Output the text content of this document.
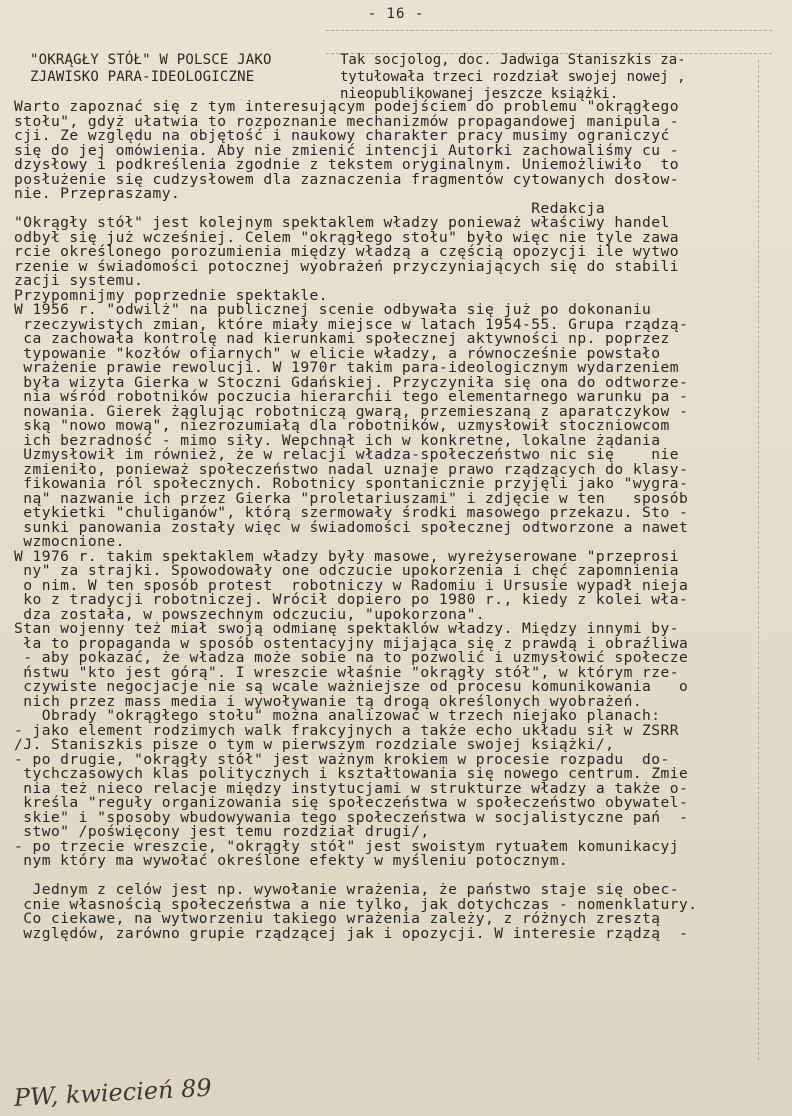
- 16 -
"OKRĄGŁY STÓŁ" W POLSCE JAKO
ZJAWISKO PARA-IDEOLOGICZNE
Tak socjolog, doc. Jadwiga Staniszkis za-
tytułowała trzeci rozdział swojej nowej ,
nieopublikowanej jeszcze książki.
Warto zapoznać się z tym interesującym podejściem do problemu "okrągłego
stołu", gdyż ułatwia to rozpoznanie mechanizmów propagandowej manipula -
cji. Ze względu na objętość i naukowy charakter pracy musimy ograniczyć
się do jej omówienia. Aby nie zmienić intencji Autorki zachowaliśmy cu -
dzysłowy i podkreślenia zgodnie z tekstem oryginalnym. Uniemożliwiło  to
posłużenie się cudzysłowem dla zaznaczenia fragmentów cytowanych dosłow-
nie. Przepraszamy.
Redakcja
"Okrągły stół" jest kolejnym spektaklem władzy ponieważ właściwy handel
odbył się już wcześniej. Celem "okrągłego stołu" było więc nie tyle zawa
rcie określonego porozumienia między władzą a częścią opozycji ile wytwo
rzenie w świadomości potocznej wyobrażeń przyczyniających się do stabili
zacji systemu.
Przypomnijmy poprzednie spektakle.
W 1956 r. "odwilż" na publicznej scenie odbywała się już po dokonaniu
rzeczywistych zmian, które miały miejsce w latach 1954-55. Grupa rządzą-
ca zachowała kontrolę nad kierunkami społecznej aktywności np. poprzez
typowanie "kozłów ofiarnych" w elicie władzy, a równocześnie powstało
wrażenie prawie rewolucji. W 1970r takim para-ideologicznym wydarzeniem
była wizyta Gierka w Stoczni Gdańskiej. Przyczyniła się ona do odtworze-
nia wśród robotników poczucia hierarchii tego elementarnego warunku pa -
nowania. Gierek żąglując robotniczą gwarą, przemieszaną z aparatczykow -
ską "nowo mową", niezrozumiałą dla robotników, uzmysłowił stoczniowcom
ich bezradność - mimo siły. Wepchnął ich w konkretne, lokalne żądania
Uzmysłowił im również, że w relacji władza-społeczeństwo nic się    nie
zmieniło, ponieważ społeczeństwo nadal uznaje prawo rządzących do klasy-
fikowania ról społecznych. Robotnicy spontanicznie przyjęli jako "wygra-
ną" nazwanie ich przez Gierka "proletariuszami" i zdjęcie w ten   sposób
etykietki "chuliganów", którą szermowały środki masowego przekazu. Sto -
sunki panowania zostały więc w świadomości społecznej odtworzone a nawet
wzmocnione.
W 1976 r. takim spektaklem władzy były masowe, wyreżyserowane "przeprosi
ny" za strajki. Spowodowały one odczucie upokorzenia i chęć zapomnienia
o nim. W ten sposób protest  robotniczy w Radomiu i Ursusie wypadł nieja
ko z tradycji robotniczej. Wrócił dopiero po 1980 r., kiedy z kolei wła-
dza została, w powszechnym odczuciu, "upokorzona".
Stan wojenny też miał swoją odmianę spektaklów władzy. Między innymi by-
ła to propaganda w sposób ostentacyjny mijająca się z prawdą i obraźliwa
- aby pokazać, że władza może sobie na to pozwolić i uzmysłowić społecze
ństwu "kto jest górą". I wreszcie właśnie "okrągły stół", w którym rze-
czywiste negocjacje nie są wcale ważniejsze od procesu komunikowania   o
nich przez mass media i wywoływanie tą drogą określonych wyobrażeń.
Obrady "okrągłego stołu" można analizować w trzech niejako planach:
- jako element rodzimych walk frakcyjnych a także echo układu sił w ZSRR
/J. Staniszkis pisze o tym w pierwszym rozdziale swojej książki/,
- po drugie, "okrągły stół" jest ważnym krokiem w procesie rozpadu  do-
tychczasowych klas politycznych i kształtowania się nowego centrum. Zmie
nia też nieco relacje między instytucjami w strukturze władzy a także o-
kreśla "reguły organizowania się społeczeństwa w społeczeństwo obywatel-
skie" i "sposoby wbudowywania tego społeczeństwa w socjalistyczne pań  -
stwo" /poświęcony jest temu rozdział drugi/,
- po trzecie wreszcie, "okrągły stół" jest swoistym rytuałem komunikacyj
nym który ma wywołać określone efekty w myśleniu potocznym.

Jednym z celów jest np. wywołanie wrażenia, że państwo staje się obec-
cnie własnością społeczeństwa a nie tylko, jak dotychczas - nomenklatury.
Co ciekawe, na wytworzeniu takiego wrażenia zależy, z różnych zresztą
względów, zarówno grupie rządzącej jak i opozycji. W interesie rządzą  -
PW, kwiecień 89
